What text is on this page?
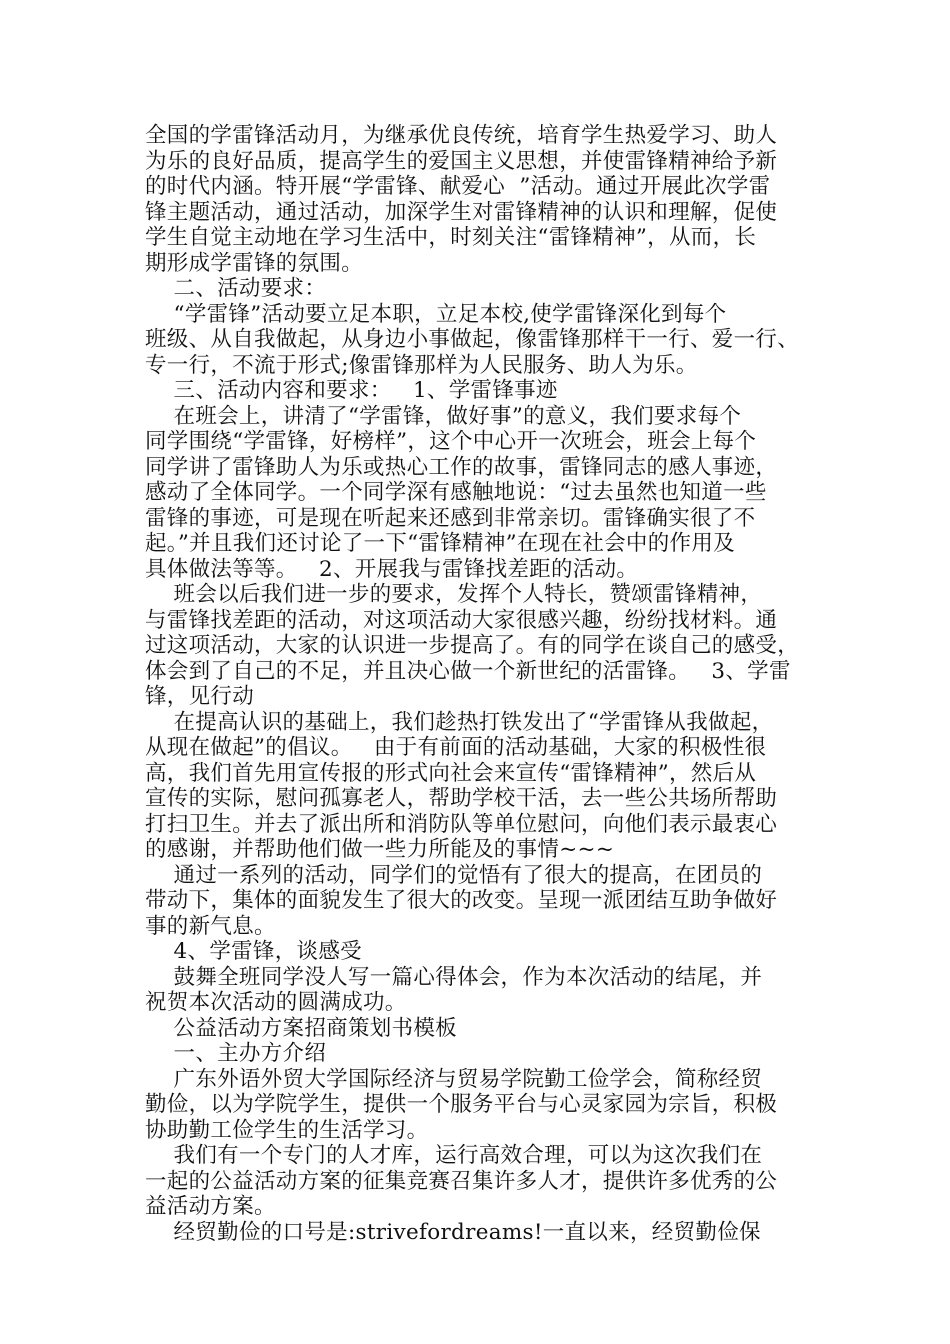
全国的学雷锋活动月，为继承优良传统，培育学生热爱学习、助人
为乐的良好品质，提高学生的爱国主义思想，并使雷锋精神给予新
的时代内涵。特开展“学雷锋、献爱心  ”活动。通过开展此次学雷
锋主题活动，通过活动，加深学生对雷锋精神的认识和理解，促使
学生自觉主动地在学习生活中，时刻关注“雷锋精神”，从而，长
期形成学雷锋的氛围。
二、活动要求：
“学雷锋”活动要立足本职，立足本校,使学雷锋深化到每个
班级、从自我做起，从身边小事做起，像雷锋那样干一行、爱一行、
专一行，不流于形式;像雷锋那样为人民服务、助人为乐。
三、活动内容和要求：   1、学雷锋事迹
在班会上，讲清了“学雷锋，做好事”的意义，我们要求每个
同学围绕“学雷锋，好榜样”，这个中心开一次班会，班会上每个
同学讲了雷锋助人为乐或热心工作的故事，雷锋同志的感人事迹，
感动了全体同学。一个同学深有感触地说：“过去虽然也知道一些
雷锋的事迹，可是现在听起来还感到非常亲切。雷锋确实很了不
起。”并且我们还讨论了一下“雷锋精神”在现在社会中的作用及
具体做法等等。   2、开展我与雷锋找差距的活动。
班会以后我们进一步的要求，发挥个人特长，赞颂雷锋精神，
与雷锋找差距的活动，对这项活动大家很感兴趣，纷纷找材料。通
过这项活动，大家的认识进一步提高了。有的同学在谈自己的感受，
体会到了自己的不足，并且决心做一个新世纪的活雷锋。   3、学雷
锋，见行动
在提高认识的基础上，我们趁热打铁发出了“学雷锋从我做起，
从现在做起”的倡议。   由于有前面的活动基础，大家的积极性很
高，我们首先用宣传报的形式向社会来宣传“雷锋精神”，然后从
宣传的实际，慰问孤寡老人，帮助学校干活，去一些公共场所帮助
打扫卫生。并去了派出所和消防队等单位慰问，向他们表示最衷心
的感谢，并帮助他们做一些力所能及的事情~~~
通过一系列的活动，同学们的觉悟有了很大的提高，在团员的
带动下，集体的面貌发生了很大的改变。呈现一派团结互助争做好
事的新气息。
4、学雷锋，谈感受
鼓舞全班同学没人写一篇心得体会，作为本次活动的结尾，并
祝贺本次活动的圆满成功。
公益活动方案招商策划书模板
一、主办方介绍
广东外语外贸大学国际经济与贸易学院勤工俭学会，简称经贸
勤俭，以为学院学生，提供一个服务平台与心灵家园为宗旨，积极
协助勤工俭学生的生活学习。
我们有一个专门的人才库，运行高效合理，可以为这次我们在
一起的公益活动方案的征集竞赛召集许多人才，提供许多优秀的公
益活动方案。
经贸勤俭的口号是:strivefordreams!一直以来，经贸勤俭保
